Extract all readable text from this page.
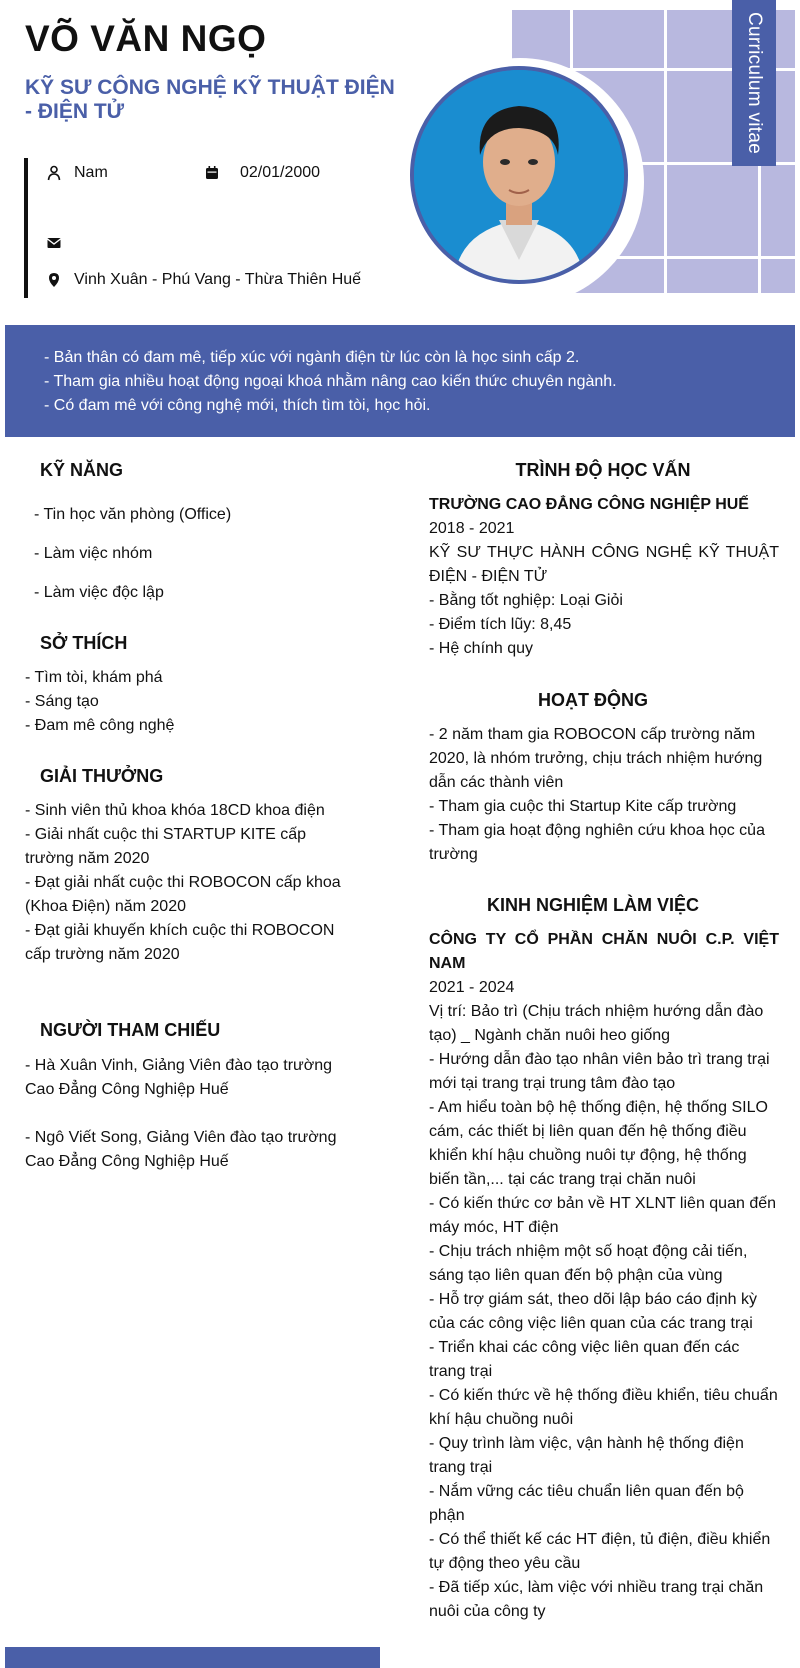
Curriculum vitae
VÕ VĂN NGỌ
KỸ SƯ CÔNG NGHỆ KỸ THUẬT ĐIỆN - ĐIỆN TỬ
Nam	02/01/2000
Vinh Xuân - Phú Vang - Thừa Thiên Huế
- Bản thân có đam mê, tiếp xúc với ngành điện từ lúc còn là học sinh cấp 2.
- Tham gia nhiều hoạt động ngoại khoá nhằm nâng cao kiến thức chuyên ngành.
- Có đam mê với công nghệ mới, thích tìm tòi, học hỏi.
KỸ NĂNG
- Tin học văn phòng (Office)
- Làm việc nhóm
- Làm việc độc lập
SỞ THÍCH
- Tìm tòi, khám phá
- Sáng tạo
- Đam mê công nghệ
GIẢI THƯỞNG
- Sinh viên thủ khoa khóa 18CD khoa điện
- Giải nhất cuộc thi STARTUP KITE cấp trường năm 2020
- Đạt giải nhất cuộc thi ROBOCON cấp khoa (Khoa Điện) năm 2020
- Đạt giải khuyến khích cuộc thi ROBOCON cấp trường năm 2020
NGƯỜI THAM CHIẾU
- Hà Xuân Vinh, Giảng Viên đào tạo trường Cao Đẳng Công Nghiệp Huế
- Ngô Viết Song, Giảng Viên đào tạo trường Cao Đẳng Công Nghiệp Huế
TRÌNH ĐỘ HỌC VẤN
TRƯỜNG CAO ĐẲNG CÔNG NGHIỆP HUẾ
2018 - 2021
KỸ SƯ THỰC HÀNH CÔNG NGHỆ KỸ THUẬT ĐIỆN - ĐIỆN TỬ
- Bằng tốt nghiệp: Loại Giỏi
- Điểm tích lũy: 8,45
- Hệ chính quy
HOẠT ĐỘNG
- 2 năm tham gia ROBOCON cấp trường năm 2020, là nhóm trưởng, chịu trách nhiệm hướng dẫn các thành viên
- Tham gia cuộc thi Startup Kite cấp trường
- Tham gia hoạt động nghiên cứu khoa học của trường
KINH NGHIỆM LÀM VIỆC
CÔNG TY CỔ PHẦN CHĂN NUÔI C.P. VIỆT NAM
2021 - 2024
Vị trí: Bảo trì (Chịu trách nhiệm hướng dẫn đào tạo) _ Ngành chăn nuôi heo giống
- Hướng dẫn đào tạo nhân viên bảo trì trang trại mới tại trang trại trung tâm đào tạo
- Am hiểu toàn bộ hệ thống điện, hệ thống SILO cám, các thiết bị liên quan đến hệ thống điều khiển khí hậu chuồng nuôi tự động, hệ thống biến tần,... tại các trang trại chăn nuôi
- Có kiến thức cơ bản về HT XLNT liên quan đến máy móc, HT điện
- Chịu trách nhiệm một số hoạt động cải tiến, sáng tạo liên quan đến bộ phận của vùng
- Hỗ trợ giám sát, theo dõi lập báo cáo định kỳ của các công việc liên quan của các trang trại
- Triển khai các công việc liên quan đến các trang trại
- Có kiến thức về hệ thống điều khiển, tiêu chuẩn khí hậu chuồng nuôi
- Quy trình làm việc, vận hành hệ thống điện trang trại
- Nắm vững các tiêu chuẩn liên quan đến bộ phận
- Có thể thiết kế các HT điện, tủ điện, điều khiển tự động theo yêu cầu
- Đã tiếp xúc, làm việc với nhiều trang trại chăn nuôi của công ty
